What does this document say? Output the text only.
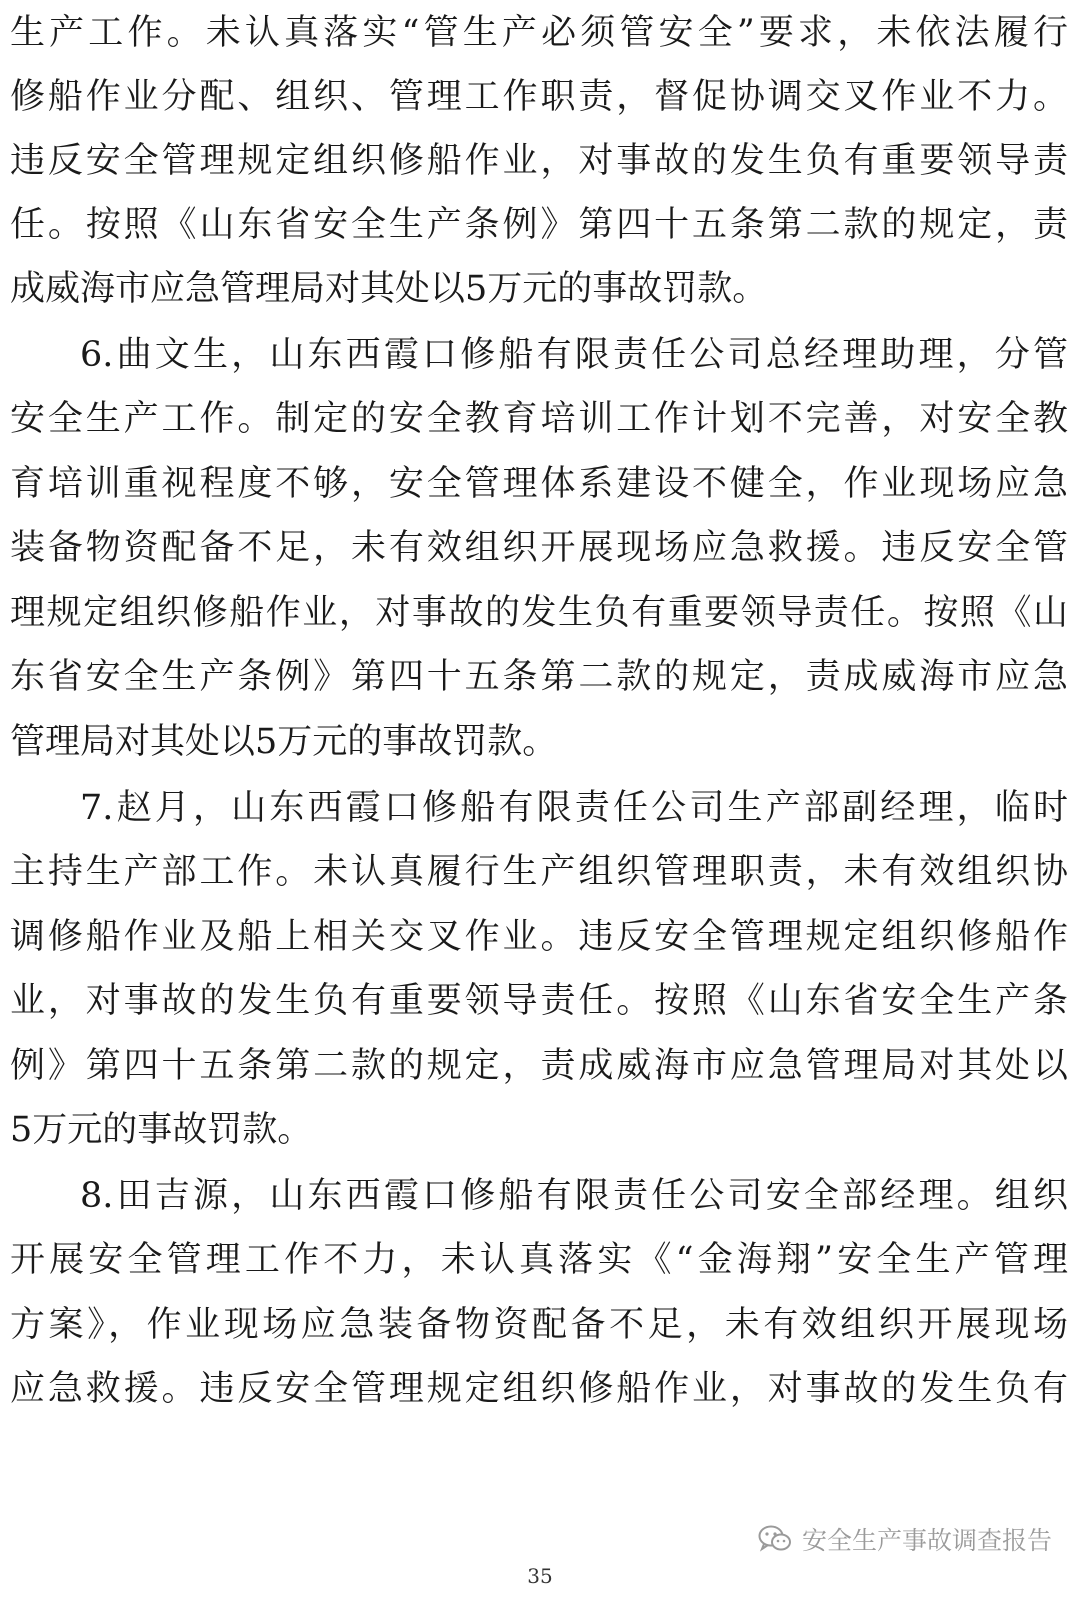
生产工作。未认真落实“管生产必须管安全”要求，未依法履行
修船作业分配、组织、管理工作职责，督促协调交叉作业不力。
违反安全管理规定组织修船作业，对事故的发生负有重要领导责
任。按照《山东省安全生产条例》第四十五条第二款的规定，责
成威海市应急管理局对其处以5万元的事故罚款。
6.曲文生，山东西霞口修船有限责任公司总经理助理，分管
安全生产工作。制定的安全教育培训工作计划不完善，对安全教
育培训重视程度不够，安全管理体系建设不健全，作业现场应急
装备物资配备不足，未有效组织开展现场应急救援。违反安全管
理规定组织修船作业，对事故的发生负有重要领导责任。按照《山
东省安全生产条例》第四十五条第二款的规定，责成威海市应急
管理局对其处以5万元的事故罚款。
7.赵月，山东西霞口修船有限责任公司生产部副经理，临时
主持生产部工作。未认真履行生产组织管理职责，未有效组织协
调修船作业及船上相关交叉作业。违反安全管理规定组织修船作
业，对事故的发生负有重要领导责任。按照《山东省安全生产条
例》第四十五条第二款的规定，责成威海市应急管理局对其处以
5万元的事故罚款。
8.田吉源，山东西霞口修船有限责任公司安全部经理。组织
开展安全管理工作不力，未认真落实《“金海翔”安全生产管理
方案》，作业现场应急装备物资配备不足，未有效组织开展现场
应急救援。违反安全管理规定组织修船作业，对事故的发生负有
安全生产事故调查报告
35
